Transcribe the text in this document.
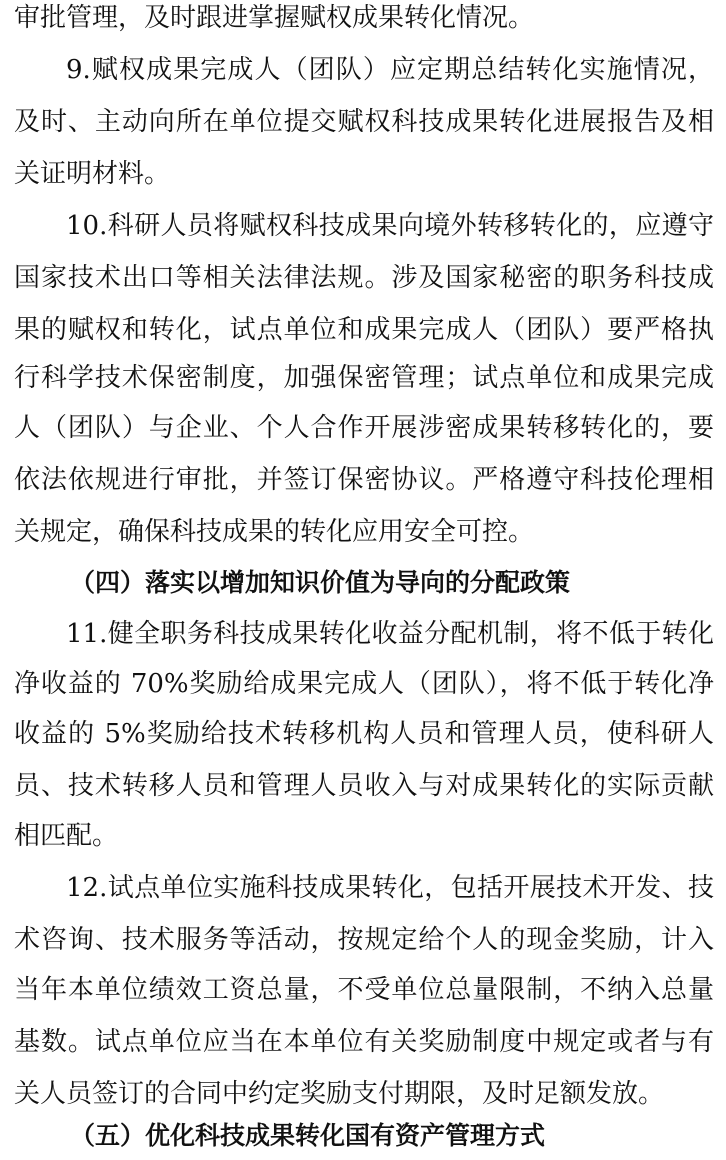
审批管理，及时跟进掌握赋权成果转化情况。
9.赋权成果完成人（团队）应定期总结转化实施情况，
及时、主动向所在单位提交赋权科技成果转化进展报告及相
关证明材料。
10.科研人员将赋权科技成果向境外转移转化的，应遵守
国家技术出口等相关法律法规。涉及国家秘密的职务科技成
果的赋权和转化，试点单位和成果完成人（团队）要严格执
行科学技术保密制度，加强保密管理；试点单位和成果完成
人（团队）与企业、个人合作开展涉密成果转移转化的，要
依法依规进行审批，并签订保密协议。严格遵守科技伦理相
关规定，确保科技成果的转化应用安全可控。
（四）落实以增加知识价值为导向的分配政策
11.健全职务科技成果转化收益分配机制，将不低于转化
净收益的 70%奖励给成果完成人（团队），将不低于转化净
收益的 5%奖励给技术转移机构人员和管理人员，使科研人
员、技术转移人员和管理人员收入与对成果转化的实际贡献
相匹配。
12.试点单位实施科技成果转化，包括开展技术开发、技
术咨询、技术服务等活动，按规定给个人的现金奖励，计入
当年本单位绩效工资总量，不受单位总量限制，不纳入总量
基数。试点单位应当在本单位有关奖励制度中规定或者与有
关人员签订的合同中约定奖励支付期限，及时足额发放。
（五）优化科技成果转化国有资产管理方式
